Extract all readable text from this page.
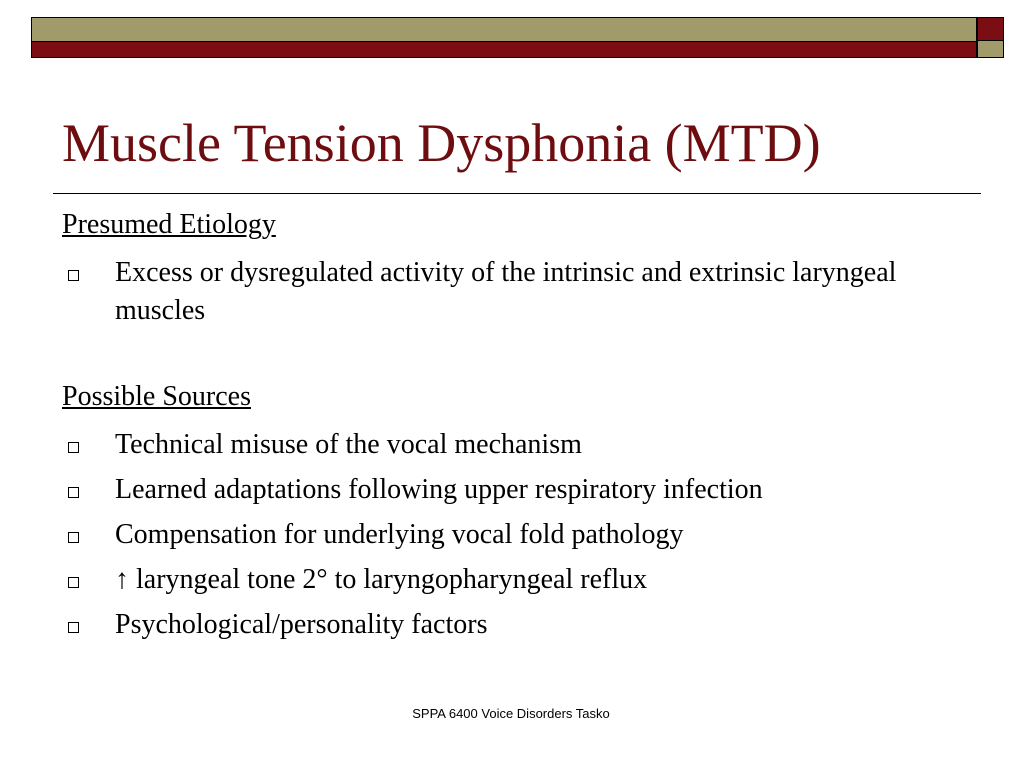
Muscle Tension Dysphonia (MTD)
Presumed Etiology
Excess or dysregulated activity of the intrinsic and extrinsic laryngeal muscles
Possible Sources
Technical misuse of the vocal mechanism
Learned adaptations following upper respiratory infection
Compensation for underlying vocal fold pathology
↑ laryngeal tone 2° to laryngopharyngeal reflux
Psychological/personality factors
SPPA 6400 Voice Disorders Tasko
